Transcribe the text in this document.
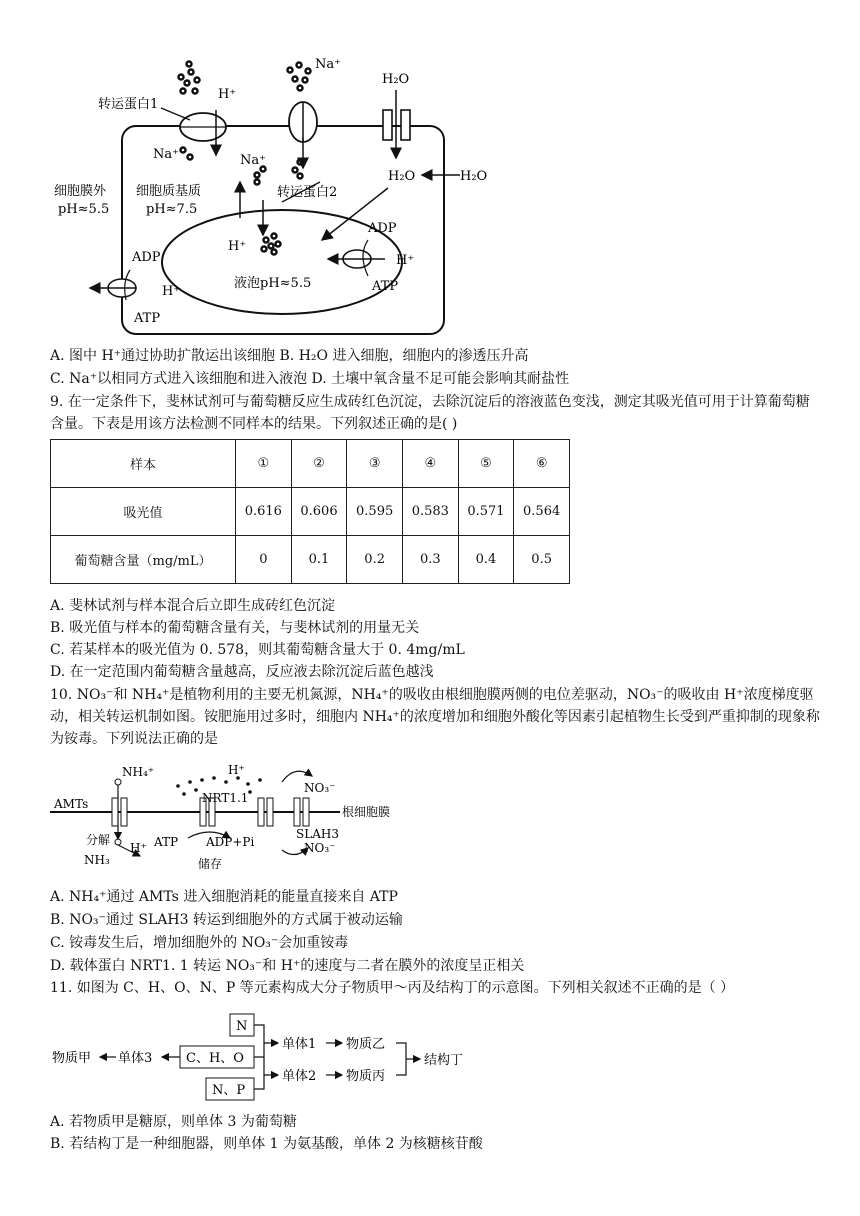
转运蛋白1
H⁺
Na⁺
H₂O
Na⁺	Na⁺
H₂O	H₂O
细胞膜外
pH≈5.5
细胞质基质
pH≈7.5
转运蛋白2
ADP
H⁺
ATP
H⁺
液泡pH≈5.5
ADP
H⁺
ATP
A. 图中 H⁺通过协助扩散运出该细胞 B. H₂O 进入细胞，细胞内的渗透压升高
C. Na⁺以相同方式进入该细胞和进入液泡 D. 土壤中氧含量不足可能会影响其耐盐性
9. 在一定条件下，斐林试剂可与葡萄糖反应生成砖红色沉淀，去除沉淀后的溶液蓝色变浅，测定其吸光值可用于计算葡萄糖含量。下表是用该方法检测不同样本的结果。下列叙述正确的是( )
样本	①	②	③	④	⑤	⑥
吸光值	0.616	0.606	0.595	0.583	0.571	0.564
葡萄糖含量（mg/mL）	0	0.1	0.2	0.3	0.4	0.5
A. 斐林试剂与样本混合后立即生成砖红色沉淀
B. 吸光值与样本的葡萄糖含量有关，与斐林试剂的用量无关
C. 若某样本的吸光值为 0. 578，则其葡萄糖含量大于 0. 4mg/mL
D. 在一定范围内葡萄糖含量越高，反应液去除沉淀后蓝色越浅
10. NO₃⁻和 NH₄⁺是植物利用的主要无机氮源，NH₄⁺的吸收由根细胞膜两侧的电位差驱动，NO₃⁻的吸收由 H⁺浓度梯度驱动，相关转运机制如图。铵肥施用过多时，细胞内 NH₄⁺的浓度增加和细胞外酸化等因素引起植物生长受到严重抑制的现象称为铵毒。下列说法正确的是
AMTs
NH₄⁺	H⁺
NRT1.1
NO₃⁻
根细胞膜
SLAH3
分解
NH₃
H⁺ ATP ADP+Pi
储存
NO₃⁻
A. NH₄⁺通过 AMTs 进入细胞消耗的能量直接来自 ATP
B. NO₃⁻通过 SLAH3 转运到细胞外的方式属于被动运输
C. 铵毒发生后，增加细胞外的 NO₃⁻会加重铵毒
D. 载体蛋白 NRT1. 1 转运 NO₃⁻和 H⁺的速度与二者在膜外的浓度呈正相关
11. 如图为 C、H、O、N、P 等元素构成大分子物质甲～丙及结构丁的示意图。下列相关叙述不正确的是（ ）
N
C、H、O
N、P
物质甲 单体3
单体1
单体2
物质乙
物质丙
结构丁
A. 若物质甲是糖原，则单体 3 为葡萄糖
B. 若结构丁是一种细胞器，则单体 1 为氨基酸，单体 2 为核糖核苷酸
